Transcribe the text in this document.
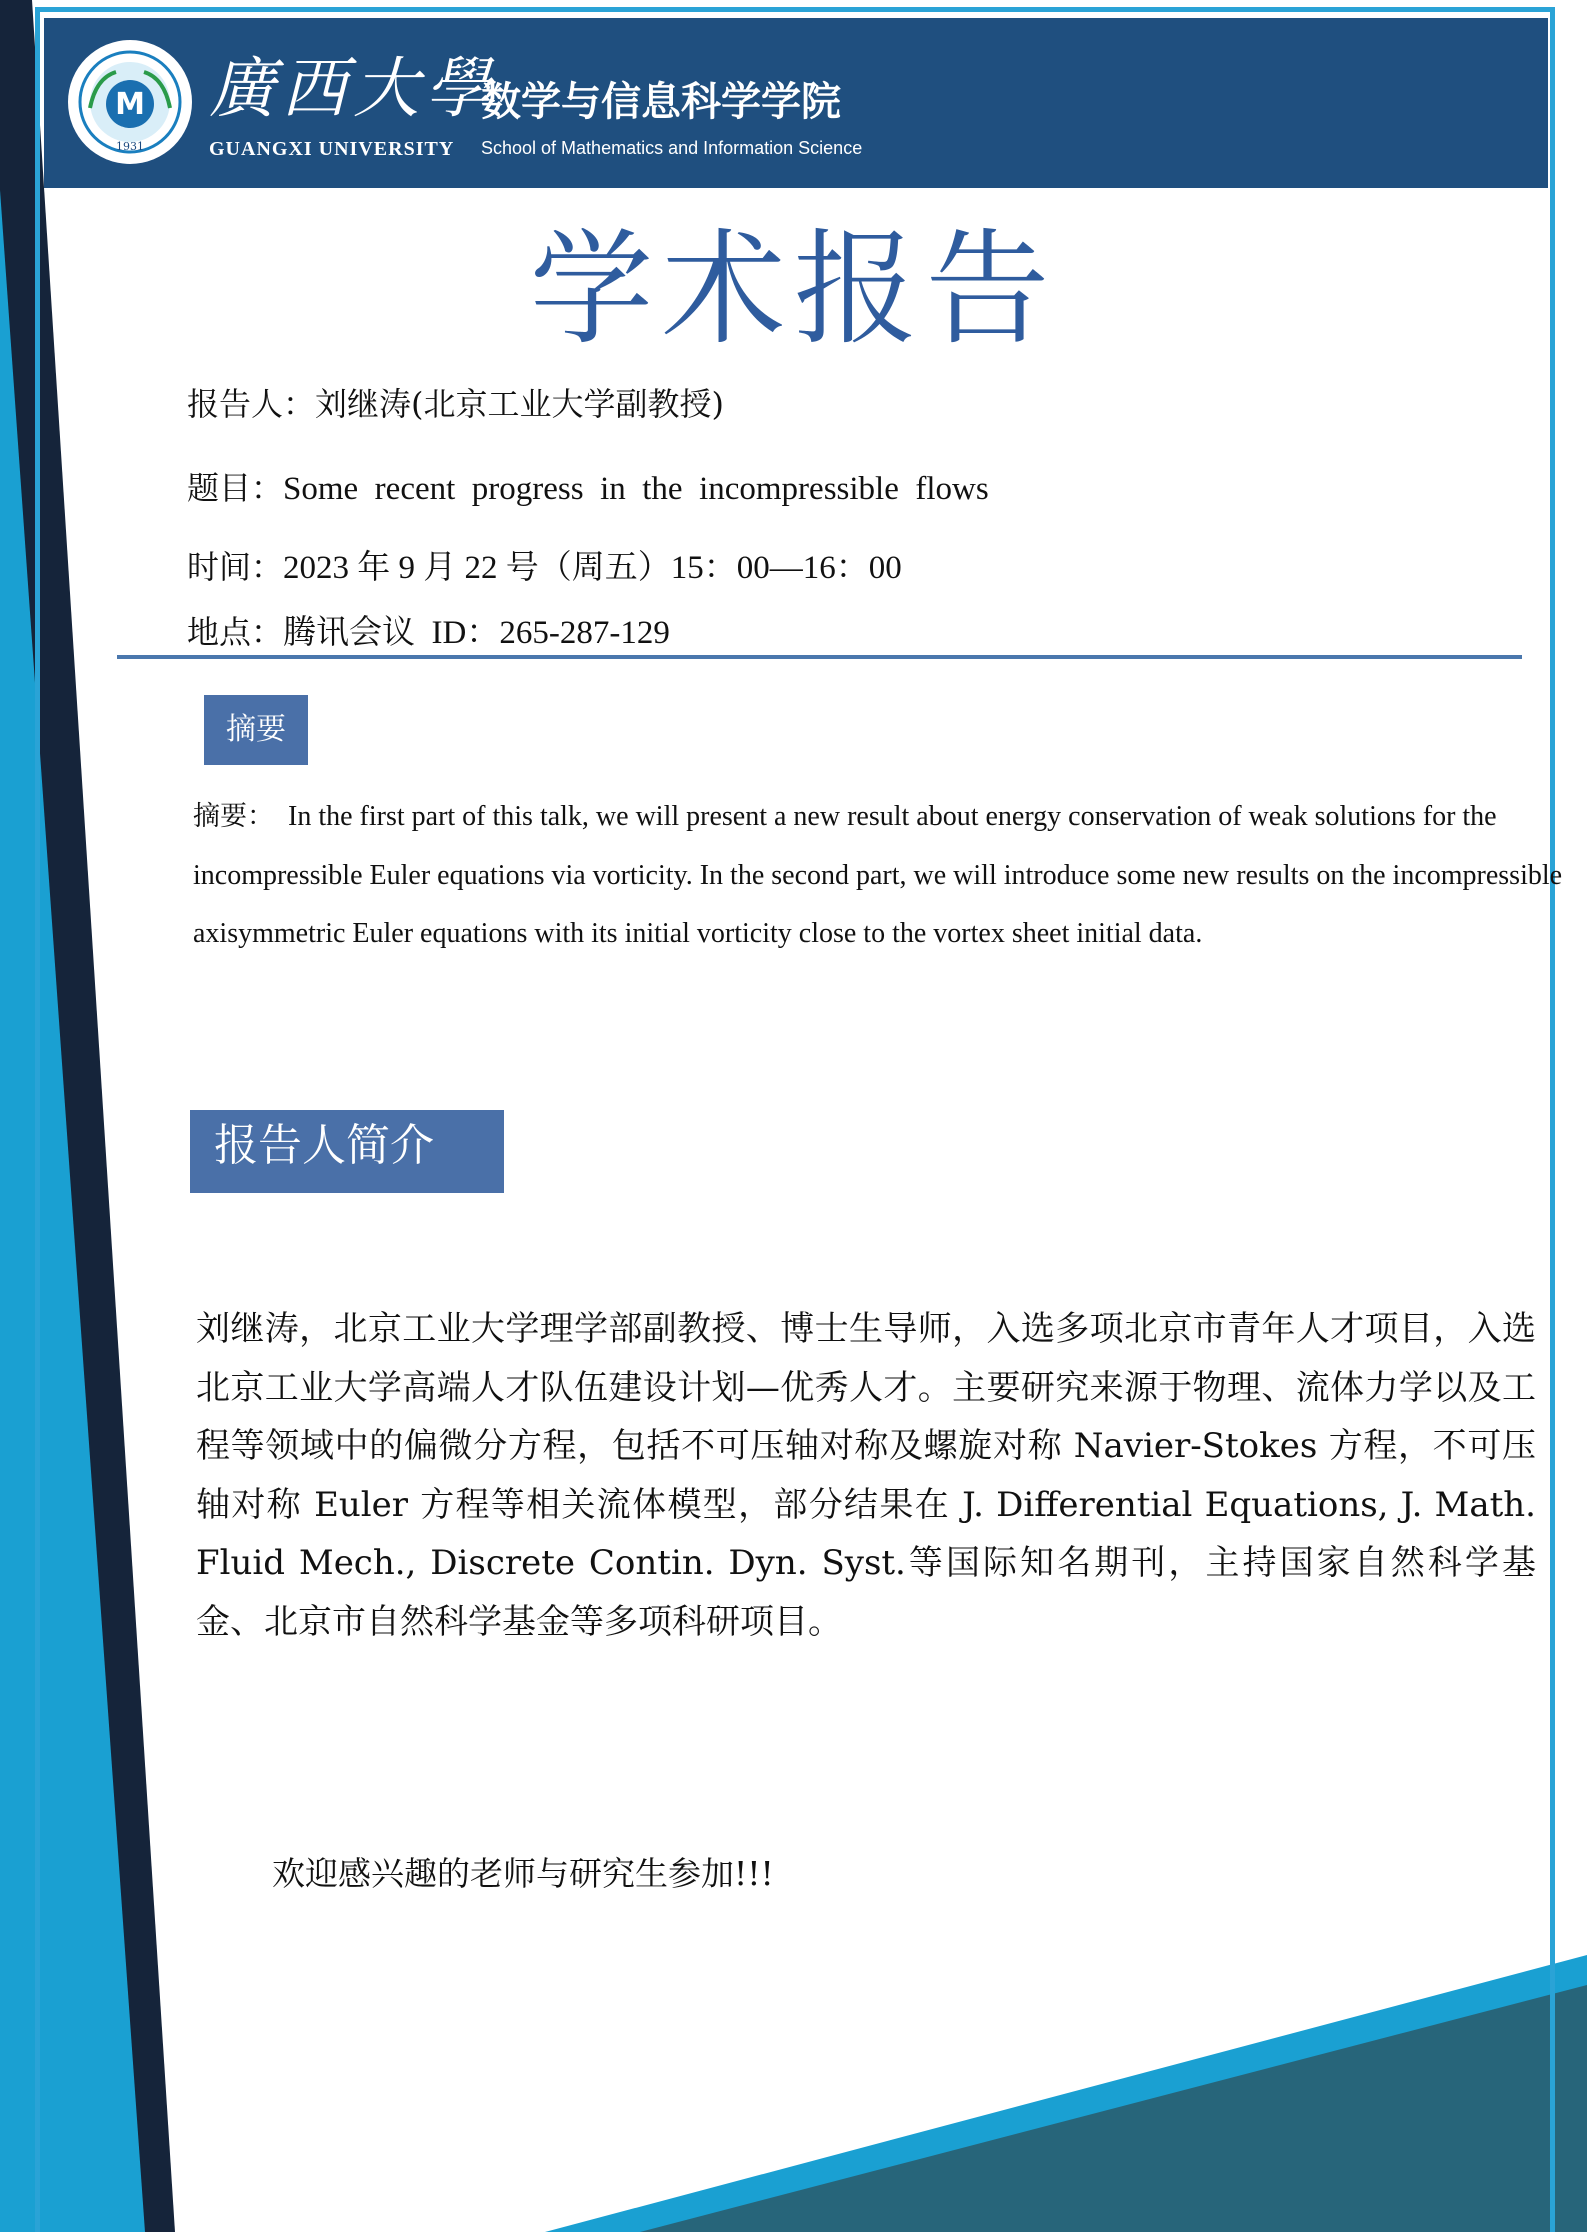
M
1931
廣西大學
GUANGXI UNIVERSITY
数学与信息科学学院
School of Mathematics and Information Science
学术报告
报告人：刘继涛(北京工业大学副教授)
题目：Some  recent  progress  in  the  incompressible  flows
时间：2023 年 9 月 22 号（周五）15：00—16：00
地点：腾讯会议  ID：265-287-129
摘要

摘要：  In the first part of this talk, we will present a new result about energy conservation of weak solutions for the incompressible Euler equations via vorticity. In the second part, we will introduce some new results on the incompressible axisymmetric Euler equations with its initial vorticity close to the vortex sheet initial data.

报告人简介

刘继涛，北京工业大学理学部副教授、博士生导师，入选多项北京市青年人才项目，入选北京工业大学高端人才队伍建设计划—优秀人才。主要研究来源于物理、流体力学以及工程等领域中的偏微分方程，包括不可压轴对称及螺旋对称 Navier-Stokes 方程，不可压轴对称 Euler 方程等相关流体模型，部分结果在 J. Differential Equations, J. Math. Fluid Mech., Discrete Contin. Dyn. Syst.等国际知名期刊，主持国家自然科学基金、北京市自然科学基金等多项科研项目。

欢迎感兴趣的老师与研究生参加!!!
